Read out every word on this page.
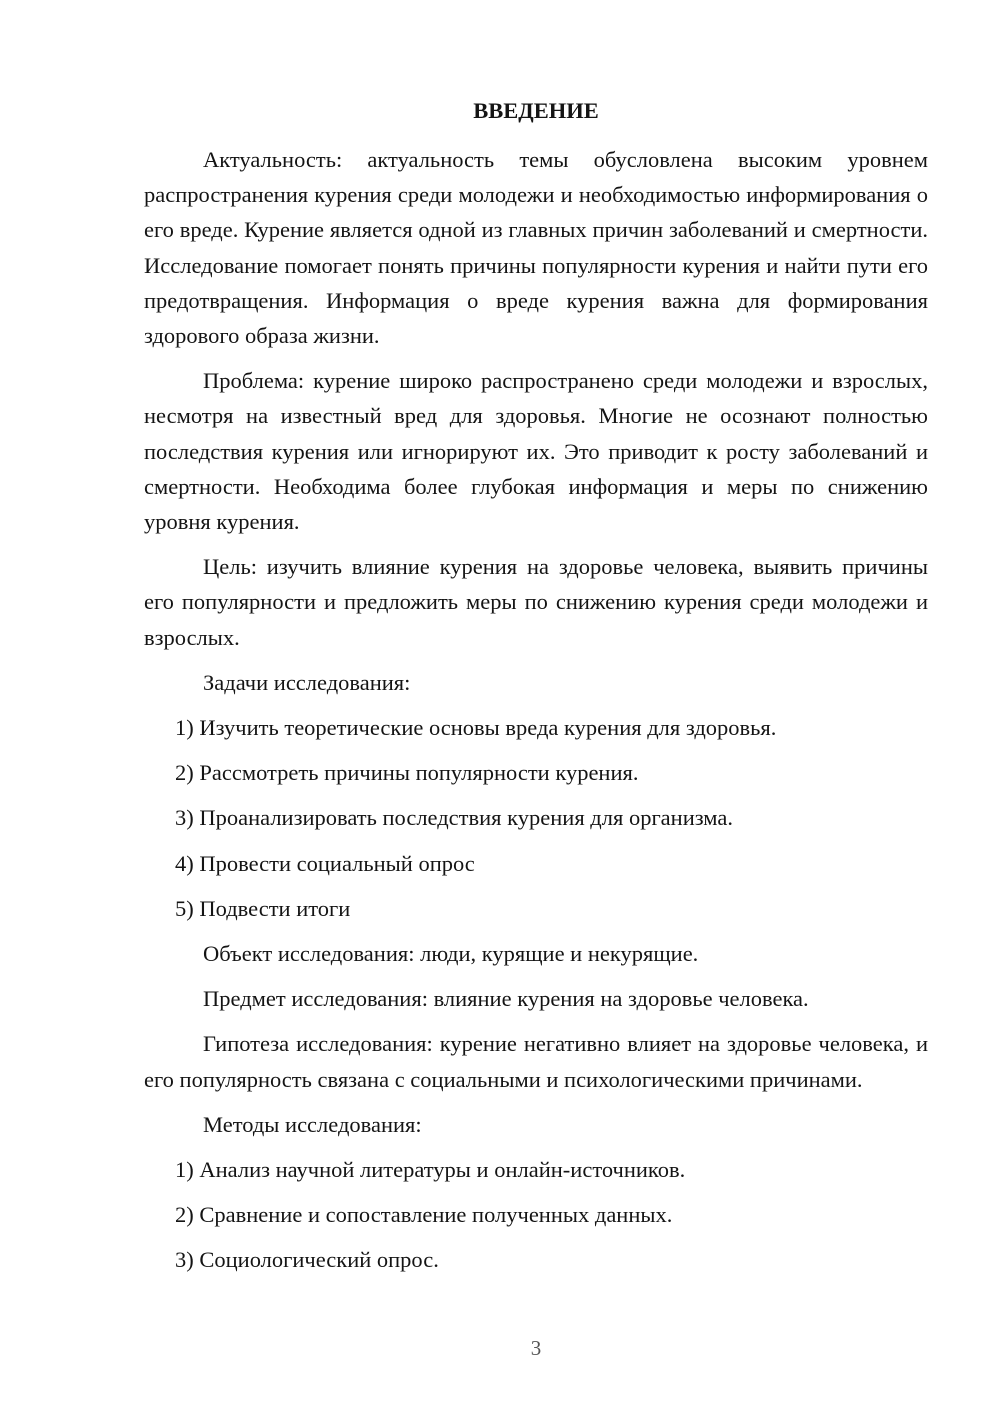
ВВЕДЕНИЕ

Актуальность: актуальность темы обусловлена высоким уровнем распространения курения среди молодежи и необходимостью информирования о его вреде. Курение является одной из главных причин заболеваний и смертности. Исследование помогает понять причины популярности курения и найти пути его предотвращения. Информация о вреде курения важна для формирования здорового образа жизни.

Проблема: курение широко распространено среди молодежи и взрослых, несмотря на известный вред для здоровья. Многие не осознают полностью последствия курения или игнорируют их. Это приводит к росту заболеваний и смертности. Необходима более глубокая информация и меры по снижению уровня курения.

Цель: изучить влияние курения на здоровье человека, выявить причины его популярности и предложить меры по снижению курения среди молодежи и взрослых.

Задачи исследования:

1) Изучить теоретические основы вреда курения для здоровья.

2) Рассмотреть причины популярности курения.

3) Проанализировать последствия курения для организма.

4) Провести социальный опрос

5) Подвести итоги

Объект исследования: люди, курящие и некурящие.

Предмет исследования: влияние курения на здоровье человека.

Гипотеза исследования: курение негативно влияет на здоровье человека, и его популярность связана с социальными и психологическими причинами.

Методы исследования:

1) Анализ научной литературы и онлайн-источников.

2) Сравнение и сопоставление полученных данных.

3) Социологический опрос.

3
